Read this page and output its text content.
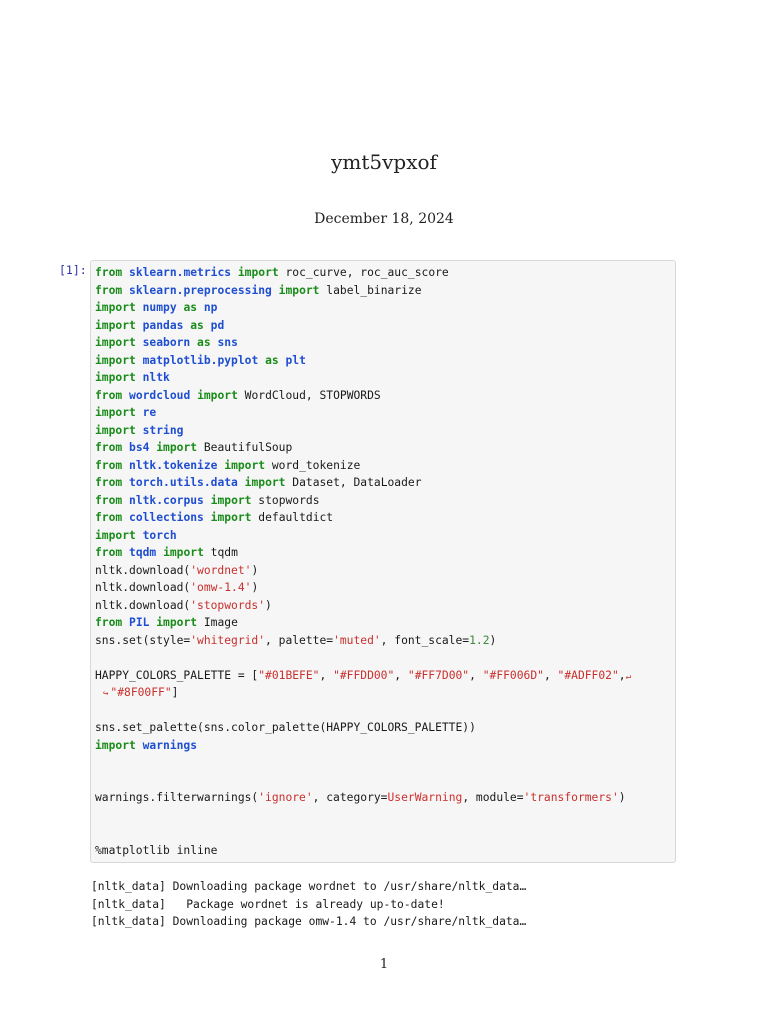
ymt5vpxof
December 18, 2024
[1]: from sklearn.metrics import roc_curve, roc_auc_score
from sklearn.preprocessing import label_binarize
import numpy as np
import pandas as pd
import seaborn as sns
import matplotlib.pyplot as plt
import nltk
from wordcloud import WordCloud, STOPWORDS
import re
import string
from bs4 import BeautifulSoup
from nltk.tokenize import word_tokenize
from torch.utils.data import Dataset, DataLoader
from nltk.corpus import stopwords
from collections import defaultdict
import torch
from tqdm import tqdm
nltk.download('wordnet')
nltk.download('omw-1.4')
nltk.download('stopwords')
from PIL import Image
sns.set(style='whitegrid', palette='muted', font_scale=1.2)
HAPPY_COLORS_PALETTE = ["#01BEFE", "#FFDD00", "#FF7D00", "#FF006D", "#ADFF02",↵
↪ "#8F00FF"]
sns.set_palette(sns.color_palette(HAPPY_COLORS_PALETTE))
import warnings
warnings.filterwarnings('ignore', category=UserWarning, module='transformers')
%matplotlib inline
[nltk_data] Downloading package wordnet to /usr/share/nltk_data…
[nltk_data]   Package wordnet is already up-to-date!
[nltk_data] Downloading package omw-1.4 to /usr/share/nltk_data…
1
